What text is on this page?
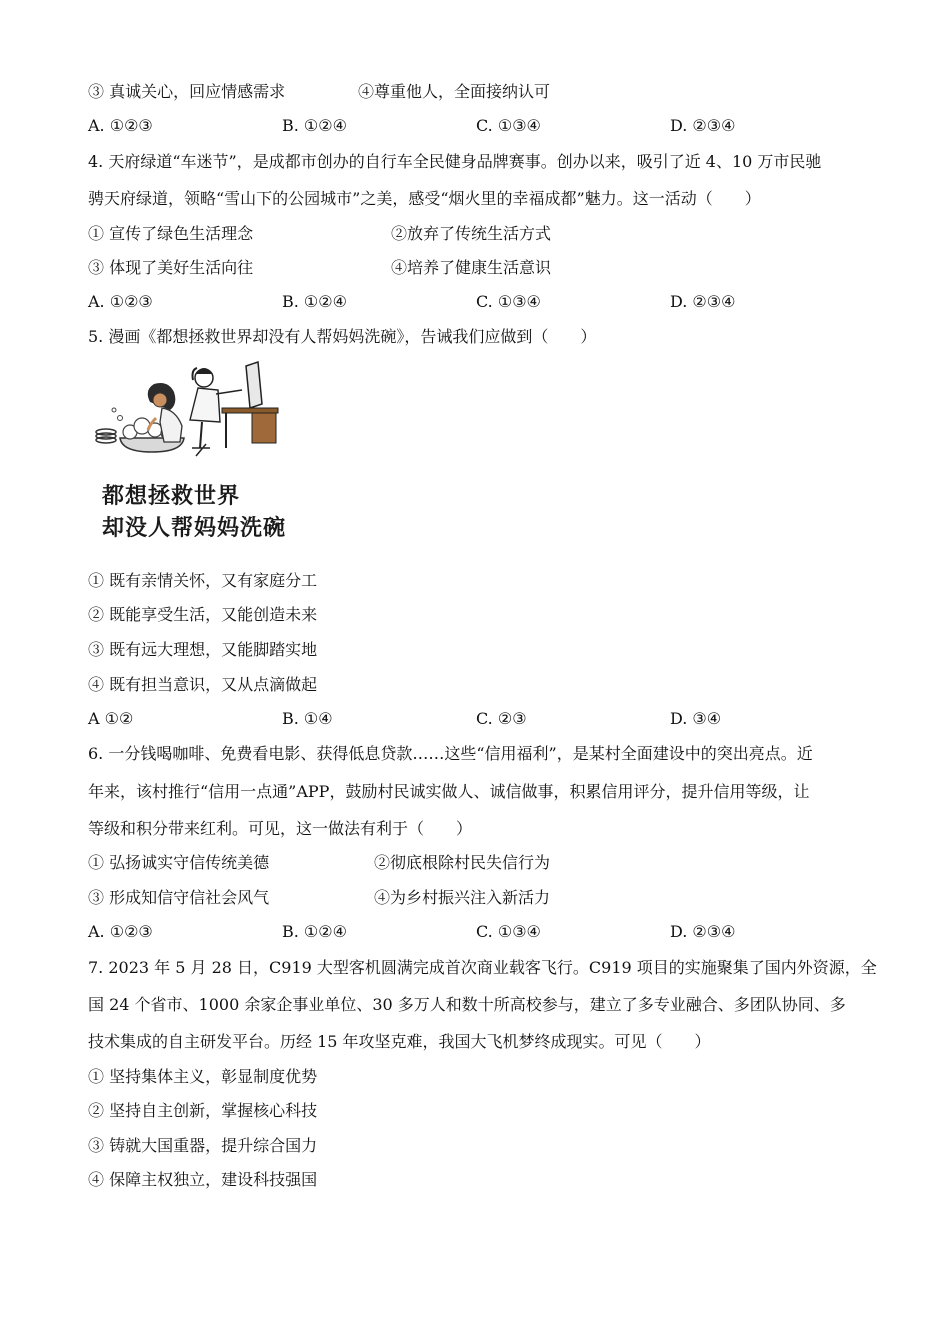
③ 真诚关心，回应情感需求	④尊重他人，全面接纳认可
A. ①②③	B. ①②④	C. ①③④	D. ②③④
4. 天府绿道“车迷节”，是成都市创办的自行车全民健身品牌赛事。创办以来，吸引了近 4、10 万市民驰
骋天府绿道，领略“雪山下的公园城市”之美，感受“烟火里的幸福成都”魅力。这一活动（　　）
① 宣传了绿色生活理念	②放弃了传统生活方式
③ 体现了美好生活向往	④培养了健康生活意识
A. ①②③	B. ①②④	C. ①③④	D. ②③④
5. 漫画《都想拯救世界却没有人帮妈妈洗碗》，告诫我们应做到（　　）
都想拯救世界
却没人帮妈妈洗碗
① 既有亲情关怀，又有家庭分工
② 既能享受生活，又能创造未来
③ 既有远大理想，又能脚踏实地
④ 既有担当意识，又从点滴做起
A ①②	B. ①④	C. ②③	D. ③④
6. 一分钱喝咖啡、免费看电影、获得低息贷款……这些“信用福利”，是某村全面建设中的突出亮点。近
年来，该村推行“信用一点通”APP，鼓励村民诚实做人、诚信做事，积累信用评分，提升信用等级，让
等级和积分带来红利。可见，这一做法有利于（　　）
① 弘扬诚实守信传统美德	②彻底根除村民失信行为
③ 形成知信守信社会风气	④为乡村振兴注入新活力
A. ①②③	B. ①②④	C. ①③④	D. ②③④
7. 2023 年 5 月 28 日，C919 大型客机圆满完成首次商业载客飞行。C919 项目的实施聚集了国内外资源，全
国 24 个省市、1000 余家企事业单位、30 多万人和数十所高校参与，建立了多专业融合、多团队协同、多
技术集成的自主研发平台。历经 15 年攻坚克难，我国大飞机梦终成现实。可见（　　）
① 坚持集体主义，彰显制度优势
② 坚持自主创新，掌握核心科技
③ 铸就大国重器，提升综合国力
④ 保障主权独立，建设科技强国
